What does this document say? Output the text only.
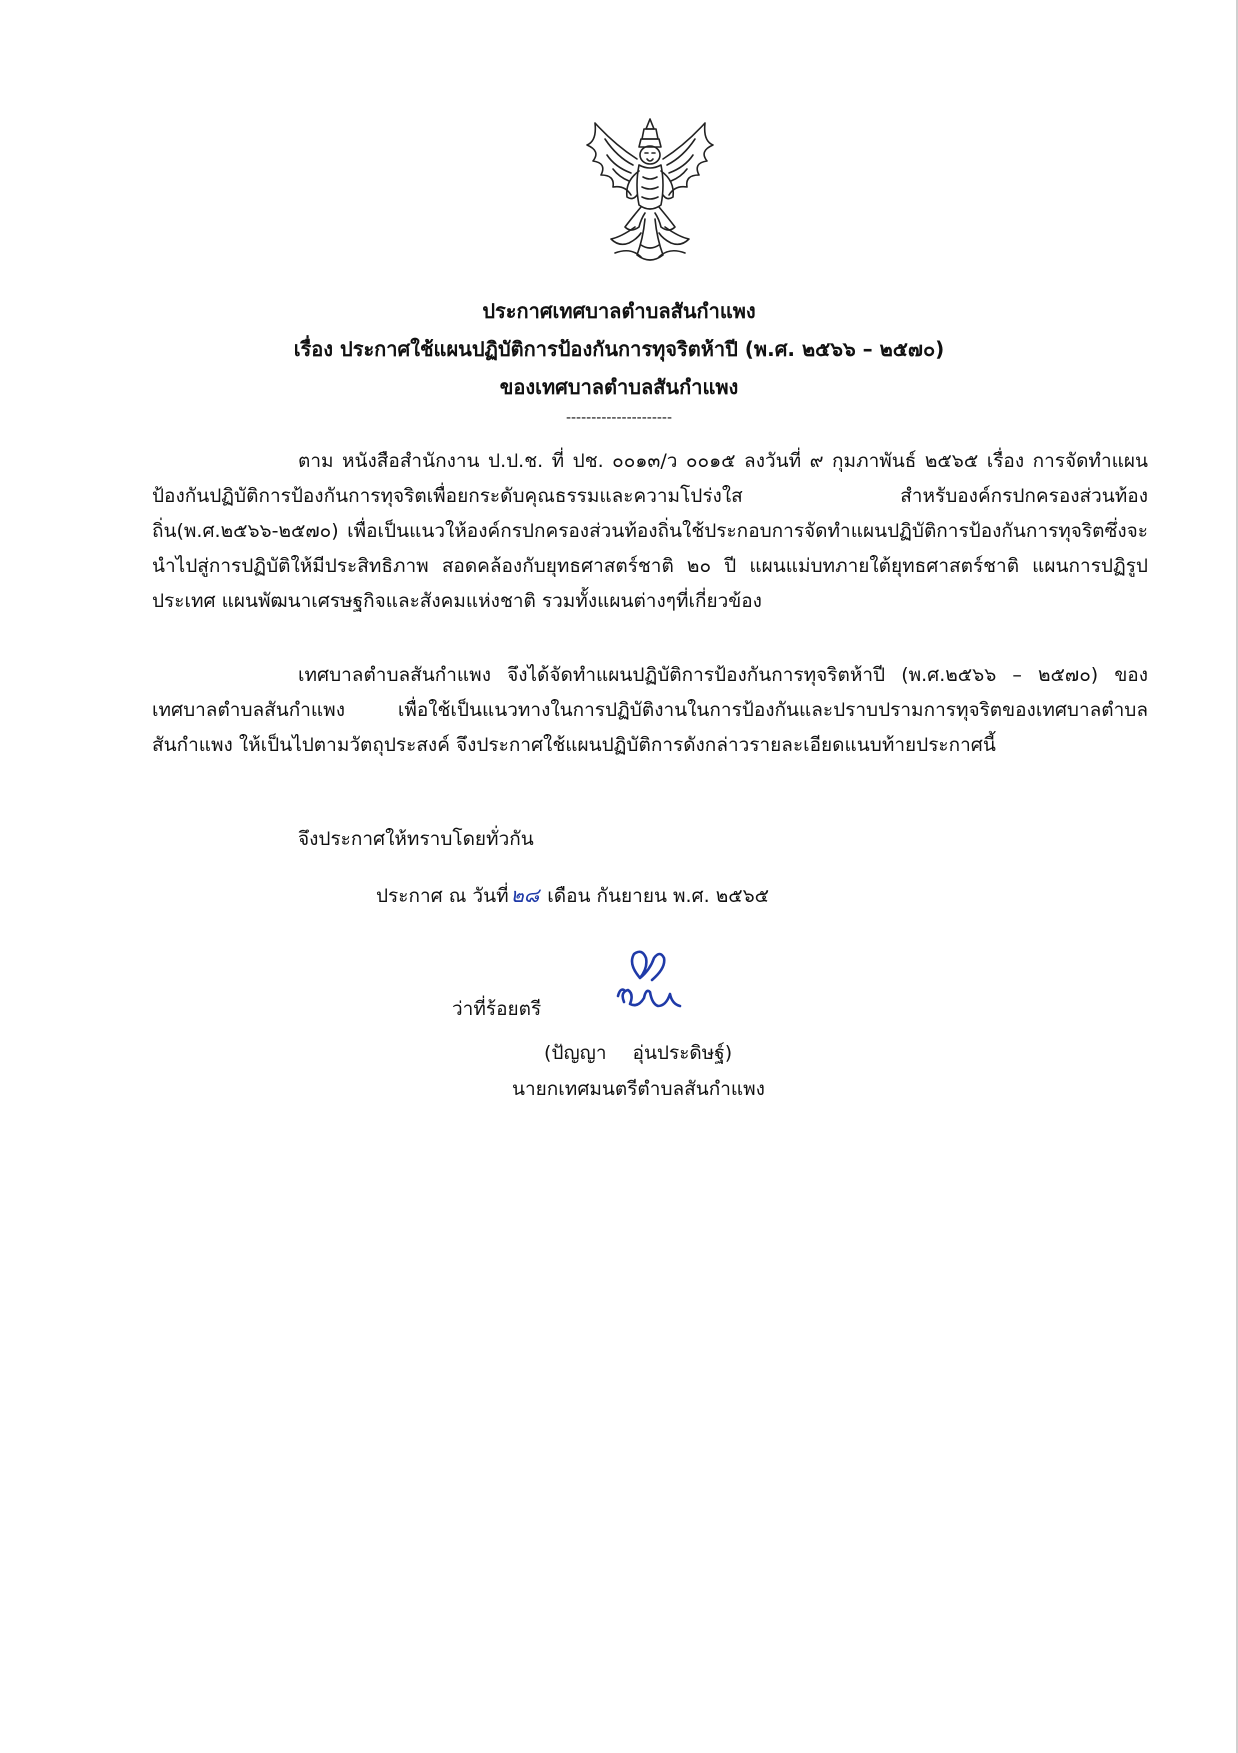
ประกาศเทศบาลตำบลสันกำแพง
เรื่อง ประกาศใช้แผนปฏิบัติการป้องกันการทุจริตห้าปี (พ.ศ. ๒๕๖๖ – ๒๕๗๐)
ของเทศบาลตำบลสันกำแพง
---------------------

ตาม หนังสือสำนักงาน ป.ป.ช. ที่ ปช. ๐๐๑๓/ว ๐๐๑๕ ลงวันที่ ๙ กุมภาพันธ์ ๒๕๖๕ เรื่อง การจัดทำแผนป้องกันปฏิบัติการป้องกันการทุจริตเพื่อยกระดับคุณธรรมและความโปร่งใส สำหรับองค์กรปกครองส่วนท้องถิ่น(พ.ศ.๒๕๖๖-๒๕๗๐) เพื่อเป็นแนวให้องค์กรปกครองส่วนท้องถิ่นใช้ประกอบการจัดทำแผนปฏิบัติการป้องกันการทุจริตซึ่งจะนำไปสู่การปฏิบัติให้มีประสิทธิภาพ สอดคล้องกับยุทธศาสตร์ชาติ ๒๐ ปี แผนแม่บทภายใต้ยุทธศาสตร์ชาติ แผนการปฏิรูปประเทศ แผนพัฒนาเศรษฐกิจและสังคมแห่งชาติ รวมทั้งแผนต่างๆที่เกี่ยวข้อง

เทศบาลตำบลสันกำแพง จึงได้จัดทำแผนปฏิบัติการป้องกันการทุจริตห้าปี (พ.ศ.๒๕๖๖ – ๒๕๗๐) ของเทศบาลตำบลสันกำแพง เพื่อใช้เป็นแนวทางในการปฏิบัติงานในการป้องกันและปราบปรามการทุจริตของเทศบาลตำบลสันกำแพง ให้เป็นไปตามวัตถุประสงค์ จึงประกาศใช้แผนปฏิบัติการดังกล่าวรายละเอียดแนบท้ายประกาศนี้

จึงประกาศให้ทราบโดยทั่วกัน
ประกาศ ณ วันที่ ๒๘ เดือน กันยายน พ.ศ. ๒๕๖๕
ว่าที่ร้อยตรี
(ปัญญา อุ่นประดิษฐ์)
นายกเทศมนตรีตำบลสันกำแพง
